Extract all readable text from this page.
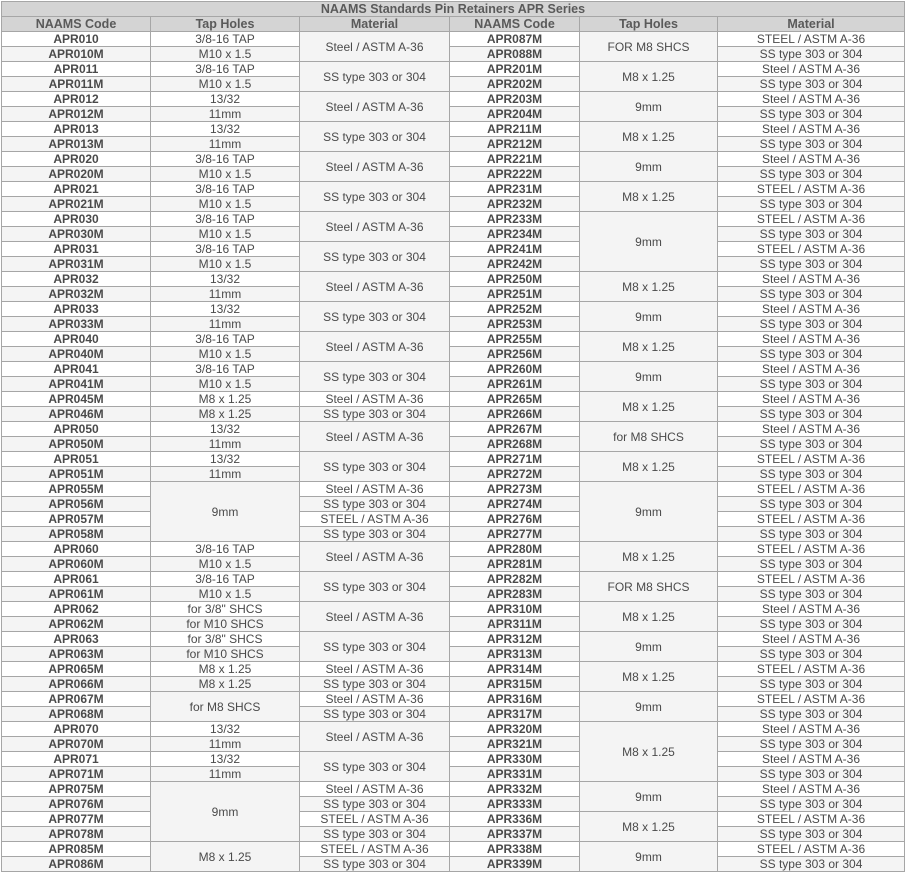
NAAMS Standards Pin Retainers APR Series					
NAAMS Code	Tap Holes	Material	NAAMS Code	Tap Holes	Material
APR010	3/8-16 TAP	Steel / ASTM A-36	APR087M	FOR M8 SHCS	STEEL / ASTM A-36
APR010M	M10 x 1.5		APR088M		SS type 303 or 304
APR011	3/8-16 TAP	SS type 303 or 304	APR201M	M8 x 1.25	Steel / ASTM A-36
APR011M	M10 x 1.5		APR202M		SS type 303 or 304
APR012	13/32	Steel / ASTM A-36	APR203M	9mm	Steel / ASTM A-36
APR012M	11mm		APR204M		SS type 303 or 304
APR013	13/32	SS type 303 or 304	APR211M	M8 x 1.25	Steel / ASTM A-36
APR013M	11mm		APR212M		SS type 303 or 304
APR020	3/8-16 TAP	Steel / ASTM A-36	APR221M	9mm	Steel / ASTM A-36
APR020M	M10 x 1.5		APR222M		SS type 303 or 304
APR021	3/8-16 TAP	SS type 303 or 304	APR231M	M8 x 1.25	STEEL / ASTM A-36
APR021M	M10 x 1.5		APR232M		SS type 303 or 304
APR030	3/8-16 TAP	Steel / ASTM A-36	APR233M	9mm	STEEL / ASTM A-36
APR030M	M10 x 1.5		APR234M		SS type 303 or 304
APR031	3/8-16 TAP	SS type 303 or 304	APR241M		STEEL / ASTM A-36
APR031M	M10 x 1.5		APR242M		SS type 303 or 304
APR032	13/32	Steel / ASTM A-36	APR250M	M8 x 1.25	Steel / ASTM A-36
APR032M	11mm		APR251M		SS type 303 or 304
APR033	13/32	SS type 303 or 304	APR252M	9mm	Steel / ASTM A-36
APR033M	11mm		APR253M		SS type 303 or 304
APR040	3/8-16 TAP	Steel / ASTM A-36	APR255M	M8 x 1.25	Steel / ASTM A-36
APR040M	M10 x 1.5		APR256M		SS type 303 or 304
APR041	3/8-16 TAP	SS type 303 or 304	APR260M	9mm	Steel / ASTM A-36
APR041M	M10 x 1.5		APR261M		SS type 303 or 304
APR045M	M8 x 1.25	Steel / ASTM A-36	APR265M	M8 x 1.25	Steel / ASTM A-36
APR046M	M8 x 1.25	SS type 303 or 304	APR266M		SS type 303 or 304
APR050	13/32	Steel / ASTM A-36	APR267M	for M8 SHCS	Steel / ASTM A-36
APR050M	11mm		APR268M		SS type 303 or 304
APR051	13/32	SS type 303 or 304	APR271M	M8 x 1.25	STEEL / ASTM A-36
APR051M	11mm		APR272M		SS type 303 or 304
APR055M	9mm	Steel / ASTM A-36	APR273M	9mm	STEEL / ASTM A-36
APR056M		SS type 303 or 304	APR274M		SS type 303 or 304
APR057M		STEEL / ASTM A-36	APR276M		STEEL / ASTM A-36
APR058M		SS type 303 or 304	APR277M		SS type 303 or 304
APR060	3/8-16 TAP	Steel / ASTM A-36	APR280M	M8 x 1.25	STEEL / ASTM A-36
APR060M	M10 x 1.5		APR281M		SS type 303 or 304
APR061	3/8-16 TAP	SS type 303 or 304	APR282M	FOR M8 SHCS	STEEL / ASTM A-36
APR061M	M10 x 1.5		APR283M		SS type 303 or 304
APR062	for 3/8" SHCS	Steel / ASTM A-36	APR310M	M8 x 1.25	Steel / ASTM A-36
APR062M	for M10 SHCS		APR311M		SS type 303 or 304
APR063	for 3/8" SHCS	SS type 303 or 304	APR312M	9mm	Steel / ASTM A-36
APR063M	for M10 SHCS		APR313M		SS type 303 or 304
APR065M	M8 x 1.25	Steel / ASTM A-36	APR314M	M8 x 1.25	STEEL / ASTM A-36
APR066M	M8 x 1.25	SS type 303 or 304	APR315M		SS type 303 or 304
APR067M	for M8 SHCS	Steel / ASTM A-36	APR316M	9mm	STEEL / ASTM A-36
APR068M		SS type 303 or 304	APR317M		SS type 303 or 304
APR070	13/32	Steel / ASTM A-36	APR320M	M8 x 1.25	Steel / ASTM A-36
APR070M	11mm		APR321M		SS type 303 or 304
APR071	13/32	SS type 303 or 304	APR330M		Steel / ASTM A-36
APR071M	11mm		APR331M		SS type 303 or 304
APR075M	9mm	Steel / ASTM A-36	APR332M	9mm	Steel / ASTM A-36
APR076M		SS type 303 or 304	APR333M		SS type 303 or 304
APR077M		STEEL / ASTM A-36	APR336M	M8 x 1.25	STEEL / ASTM A-36
APR078M		SS type 303 or 304	APR337M		SS type 303 or 304
APR085M	M8 x 1.25	STEEL / ASTM A-36	APR338M	9mm	STEEL / ASTM A-36
APR086M		SS type 303 or 304	APR339M		SS type 303 or 304
